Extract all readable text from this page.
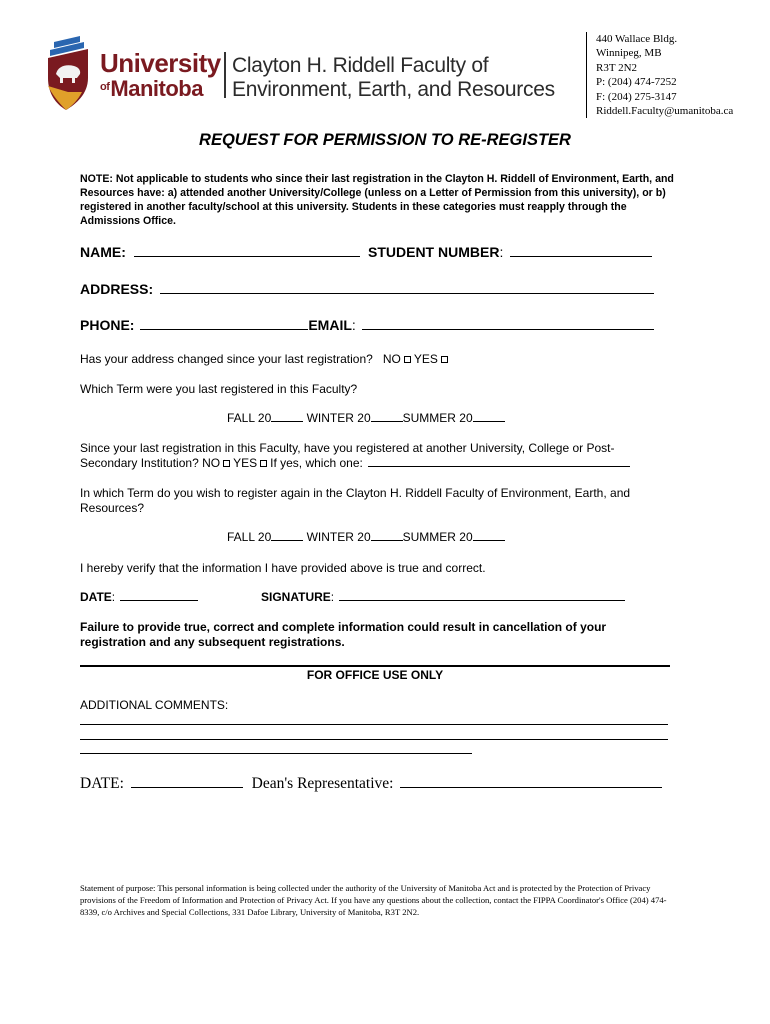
University
$^{of}$Manitoba
Clayton H. Riddell Faculty of
Environment, Earth, and Resources
440 Wallace Bldg.
Winnipeg, MB
R3T 2N2
P: (204) 474-7252
F: (204) 275-3147
Riddell.Faculty@umanitoba.ca
REQUEST FOR PERMISSION TO RE-REGISTER
NOTE: Not applicable to students who since their last registration in the Clayton H. Riddell of Environment, Earth, and Resources have: a) attended another University/College (unless on a Letter of Permission from this university), or b) registered in another faculty/school at this university. Students in these categories must reapply through the Admissions Office.
NAME:	STUDENT NUMBER:
ADDRESS:
PHONE:	EMAIL:
Has your address changed since your last registration? NO YES
Which Term were you last registered in this Faculty?
FALL 20	WINTER 20	SUMMER 20
Since your last registration in this Faculty, have you registered at another University, College or Post-
Secondary Institution? NO YES If yes, which one:
In which Term do you wish to register again in the Clayton H. Riddell Faculty of Environment, Earth, and Resources?
FALL 20	WINTER 20	SUMMER 20
I hereby verify that the information I have provided above is true and correct.
DATE:	SIGNATURE:
Failure to provide true, correct and complete information could result in cancellation of your registration and any subsequent registrations.
FOR OFFICE USE ONLY
ADDITIONAL COMMENTS:
DATE:	Dean's Representative:
Statement of purpose: This personal information is being collected under the authority of the University of Manitoba Act and is protected by the Protection of Privacy provisions of the Freedom of Information and Protection of Privacy Act. If you have any questions about the collection, contact the FIPPA Coordinator's Office (204) 474-8339, c/o Archives and Special Collections, 331 Dafoe Library, University of Manitoba, R3T 2N2.
